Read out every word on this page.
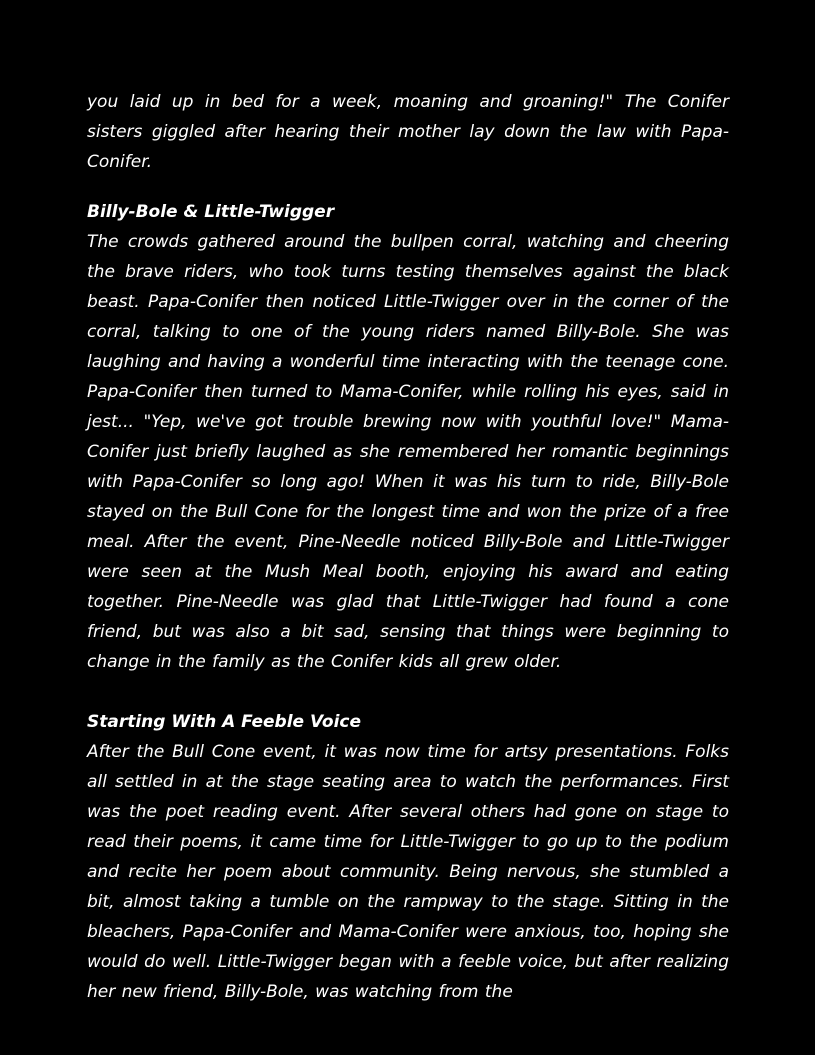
you laid up in bed for a week, moaning and groaning!" The Conifer sisters giggled after hearing their mother lay down the law with Papa-Conifer.

Billy-Bole & Little-Twigger

The crowds gathered around the bullpen corral, watching and cheering the brave riders, who took turns testing themselves against the black beast. Papa-Conifer then noticed Little-Twigger over in the corner of the corral, talking to one of the young riders named Billy-Bole. She was laughing and having a wonderful time interacting with the teenage cone. Papa-Conifer then turned to Mama-Conifer, while rolling his eyes, said in jest... "Yep, we've got trouble brewing now with youthful love!" Mama-Conifer just briefly laughed as she remembered her romantic beginnings with Papa-Conifer so long ago! When it was his turn to ride, Billy-Bole stayed on the Bull Cone for the longest time and won the prize of a free meal. After the event, Pine-Needle noticed Billy-Bole and Little-Twigger were seen at the Mush Meal booth, enjoying his award and eating together. Pine-Needle was glad that Little-Twigger had found a cone friend, but was also a bit sad, sensing that things were beginning to change in the family as the Conifer kids all grew older.

Starting With A Feeble Voice

After the Bull Cone event, it was now time for artsy presentations. Folks all settled in at the stage seating area to watch the performances. First was the poet reading event. After several others had gone on stage to read their poems, it came time for Little-Twigger to go up to the podium and recite her poem about community. Being nervous, she stumbled a bit, almost taking a tumble on the rampway to the stage. Sitting in the bleachers, Papa-Conifer and Mama-Conifer were anxious, too, hoping she would do well. Little-Twigger began with a feeble voice, but after realizing her new friend, Billy-Bole, was watching from the
